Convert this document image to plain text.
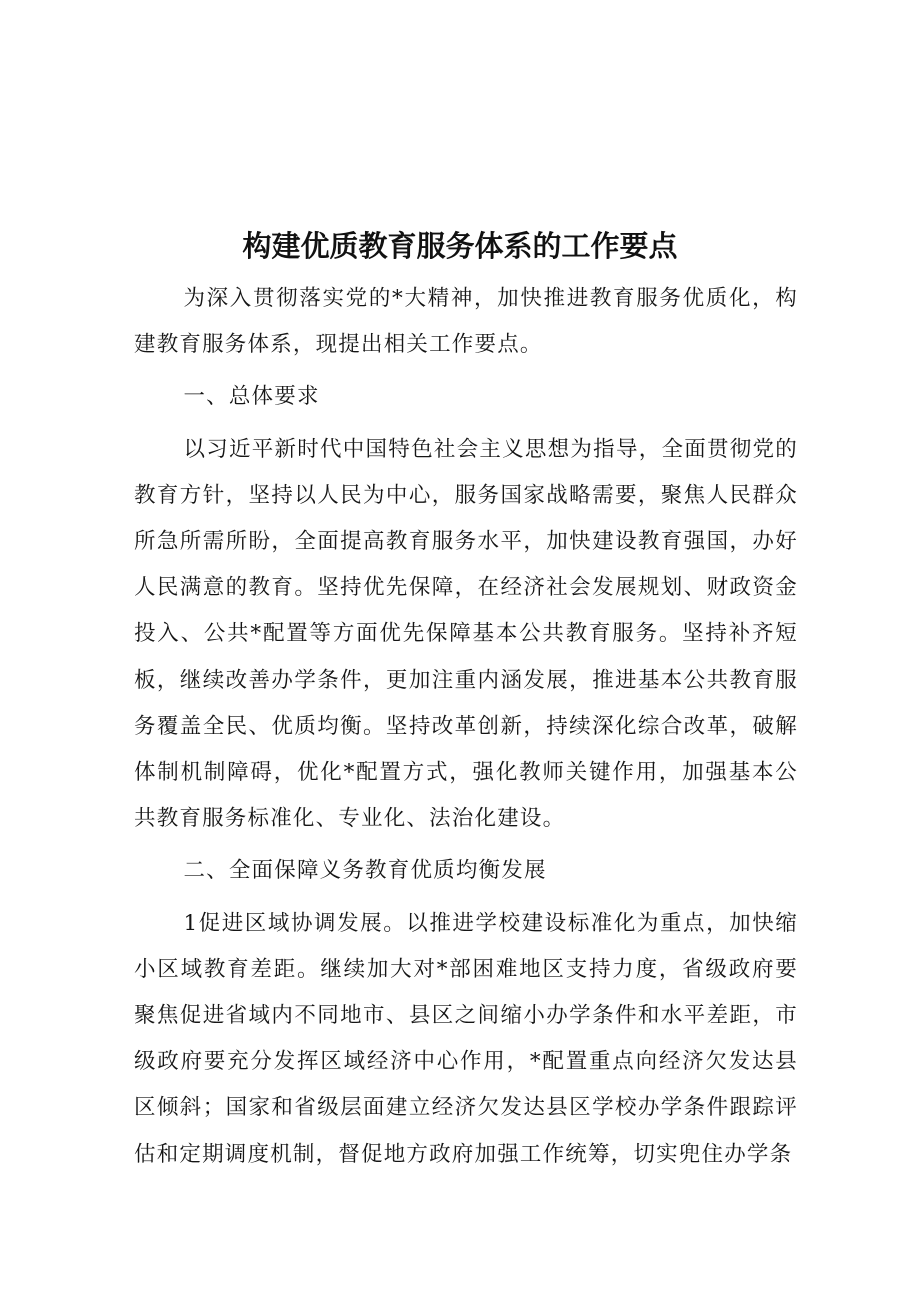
构建优质教育服务体系的工作要点

为深入贯彻落实党的*大精神，加快推进教育服务优质化，构建教育服务体系，现提出相关工作要点。

一、总体要求

以习近平新时代中国特色社会主义思想为指导，全面贯彻党的教育方针，坚持以人民为中心，服务国家战略需要，聚焦人民群众所急所需所盼，全面提高教育服务水平，加快建设教育强国，办好人民满意的教育。坚持优先保障，在经济社会发展规划、财政资金投入、公共*配置等方面优先保障基本公共教育服务。坚持补齐短板，继续改善办学条件，更加注重内涵发展，推进基本公共教育服务覆盖全民、优质均衡。坚持改革创新，持续深化综合改革，破解体制机制障碍，优化*配置方式，强化教师关键作用，加强基本公共教育服务标准化、专业化、法治化建设。

二、全面保障义务教育优质均衡发展

1促进区域协调发展。以推进学校建设标准化为重点，加快缩小区域教育差距。继续加大对*部困难地区支持力度，省级政府要聚焦促进省域内不同地市、县区之间缩小办学条件和水平差距，市级政府要充分发挥区域经济中心作用，*配置重点向经济欠发达县区倾斜；国家和省级层面建立经济欠发达县区学校办学条件跟踪评估和定期调度机制，督促地方政府加强工作统筹，切实兜住办学条
